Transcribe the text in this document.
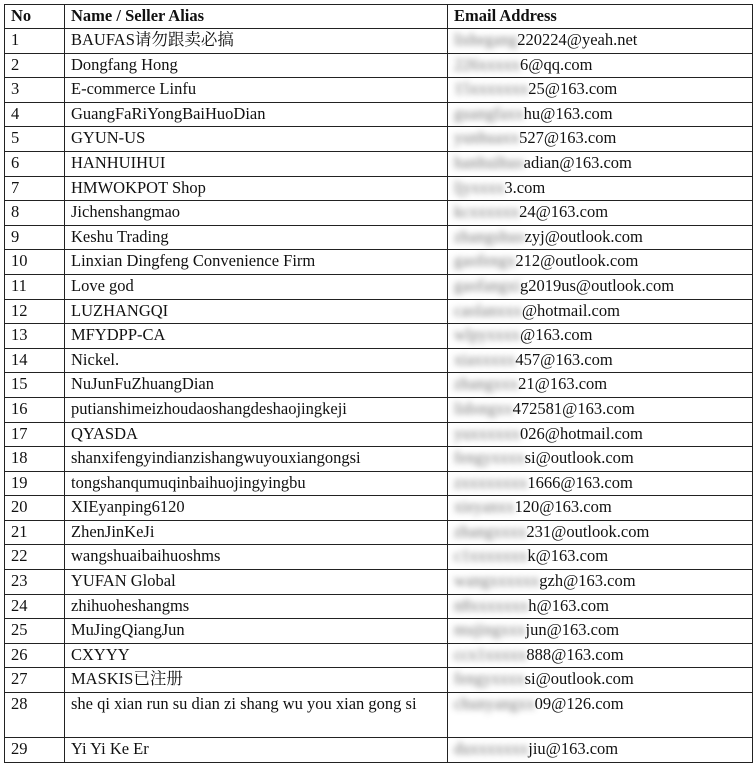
No	Name / Seller Alias	Email Address
1	BAUFAS请勿跟卖必搞	lishegang220224@yeah.net
2	Dongfang Hong	226xxxxx6@qq.com
3	E-commerce Linfu	15xxxxxxx25@163.com
4	GuangFaRiYongBaiHuoDian	guangfaxxhu@163.com
5	GYUN-US	yunhuaxx527@163.com
6	HANHUIHUI	hanhuihuoadian@163.com
7	HMWOKPOT Shop	ljyxxxx3.com
8	Jichenshangmao	kcxxxxxx24@163.com
9	Keshu Trading	zhangshuozyj@outlook.com
10	Linxian Dingfeng Convenience Firm	gaofengx212@outlook.com
11	Love god	gaofangxig2019us@outlook.com
12	LUZHANGQI	caolanxxx@hotmail.com
13	MFYDPP-CA	wlpyxxxx@163.com
14	Nickel.	xiaxxxxx457@163.com
15	NuJunFuZhuangDian	zhangxxx21@163.com
16	putianshimeizhoudaoshangdeshaojingkeji	lidongxx472581@163.com
17	QYASDA	yuxxxxxx026@hotmail.com
18	shanxifengyindianzishangwuyouxiangongsi	fengyxxxxsi@outlook.com
19	tongshanqumuqinbaihuojingyingbu	zxxxxxxxx1666@163.com
20	XIEyanping6120	xieyanxx120@163.com
21	ZhenJinKeJi	zhangxxxx231@outlook.com
22	wangshuaibaihuoshms	c1xxxxxxxk@163.com
23	YUFAN Global	wangxxxxxxgzh@163.com
24	zhihuoheshangms	n8xxxxxxxh@163.com
25	MuJingQiangJun	mujingxxxjun@163.com
26	CXYYY	ccx1xxxxx888@163.com
27	MASKIS已注册	fengyxxxxsi@outlook.com
28	she qi xian run su dian zi shang wu you xian gong si	chunyangxx09@126.com
29	Yi Yi Ke Er	duxxxxxxxjiu@163.com
